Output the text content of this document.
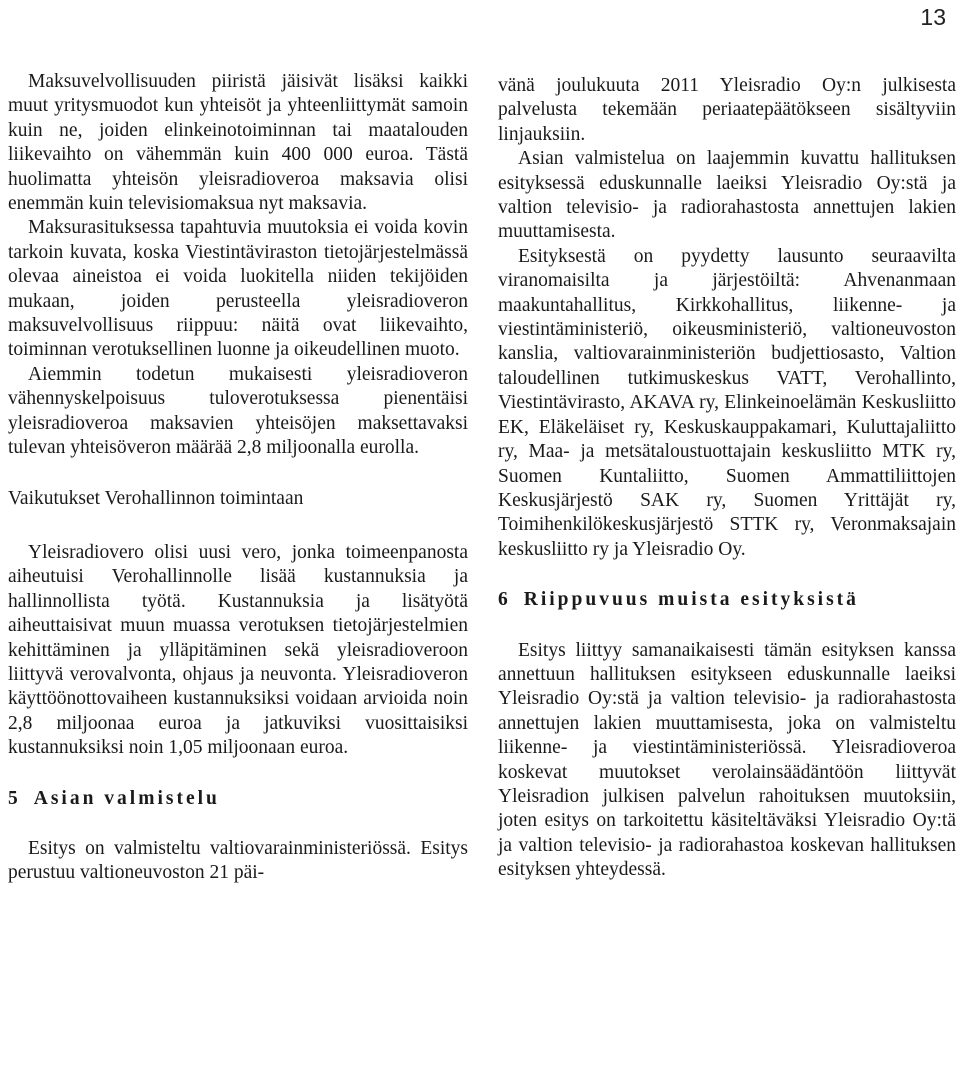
13

Maksuvelvollisuuden piiristä jäisivät lisäksi kaikki muut yritysmuodot kun yhteisöt ja yhteenliittymät samoin kuin ne, joiden elinkeinotoiminnan tai maatalouden liikevaihto on vähemmän kuin 400 000 euroa. Tästä huolimatta yhteisön yleisradioveroa maksavia olisi enemmän kuin televisiomaksua nyt maksavia.

Maksurasituksessa tapahtuvia muutoksia ei voida kovin tarkoin kuvata, koska Viestintäviraston tietojärjestelmässä olevaa aineistoa ei voida luokitella niiden tekijöiden mukaan, joiden perusteella yleisradioveron maksuvelvollisuus riippuu: näitä ovat liikevaihto, toiminnan verotuksellinen luonne ja oikeudellinen muoto.

Aiemmin todetun mukaisesti yleisradioveron vähennyskelpoisuus tuloverotuksessa pienentäisi yleisradioveroa maksavien yhteisöjen maksettavaksi tulevan yhteisöveron määrää 2,8 miljoonalla eurolla.

Vaikutukset Verohallinnon toimintaan

Yleisradiovero olisi uusi vero, jonka toimeenpanosta aiheutuisi Verohallinnolle lisää kustannuksia ja hallinnollista työtä. Kustannuksia ja lisätyötä aiheuttaisivat muun muassa verotuksen tietojärjestelmien kehittäminen ja ylläpitäminen sekä yleisradioveroon liittyvä verovalvonta, ohjaus ja neuvonta. Yleisradioveron käyttöönottovaiheen kustannuksiksi voidaan arvioida noin 2,8 miljoonaa euroa ja jatkuviksi vuosittaisiksi kustannuksiksi noin 1,05 miljoonaan euroa.

5 Asian valmistelu

Esitys on valmisteltu valtiovarainministeriössä. Esitys perustuu valtioneuvoston 21 päi-

vänä joulukuuta 2011 Yleisradio Oy:n julkisesta palvelusta tekemään periaatepäätökseen sisältyviin linjauksiin.

Asian valmistelua on laajemmin kuvattu hallituksen esityksessä eduskunnalle laeiksi Yleisradio Oy:stä ja valtion televisio- ja radiorahastosta annettujen lakien muuttamisesta.

Esityksestä on pyydetty lausunto seuraavilta viranomaisilta ja järjestöiltä: Ahvenanmaan maakuntahallitus, Kirkkohallitus, liikenne- ja viestintäministeriö, oikeusministeriö, valtioneuvoston kanslia, valtiovarainministeriön budjettiosasto, Valtion taloudellinen tutkimuskeskus VATT, Verohallinto, Viestintävirasto, AKAVA ry, Elinkeinoelämän Keskusliitto EK, Eläkeläiset ry, Keskuskauppakamari, Kuluttajaliitto ry, Maa- ja metsätaloustuottajain keskusliitto MTK ry, Suomen Kuntaliitto, Suomen Ammattiliittojen Keskusjärjestö SAK ry, Suomen Yrittäjät ry, Toimihenkilökeskusjärjestö STTK ry, Veronmaksajain keskusliitto ry ja Yleisradio Oy.

6 Riippuvuus muista esityksistä

Esitys liittyy samanaikaisesti tämän esityksen kanssa annettuun hallituksen esitykseen eduskunnalle laeiksi Yleisradio Oy:stä ja valtion televisio- ja radiorahastosta annettujen lakien muuttamisesta, joka on valmisteltu liikenne- ja viestintäministeriössä. Yleisradioveroa koskevat muutokset verolainsäädäntöön liittyvät Yleisradion julkisen palvelun rahoituksen muutoksiin, joten esitys on tarkoitettu käsiteltäväksi Yleisradio Oy:tä ja valtion televisio- ja radiorahastoa koskevan hallituksen esityksen yhteydessä.
